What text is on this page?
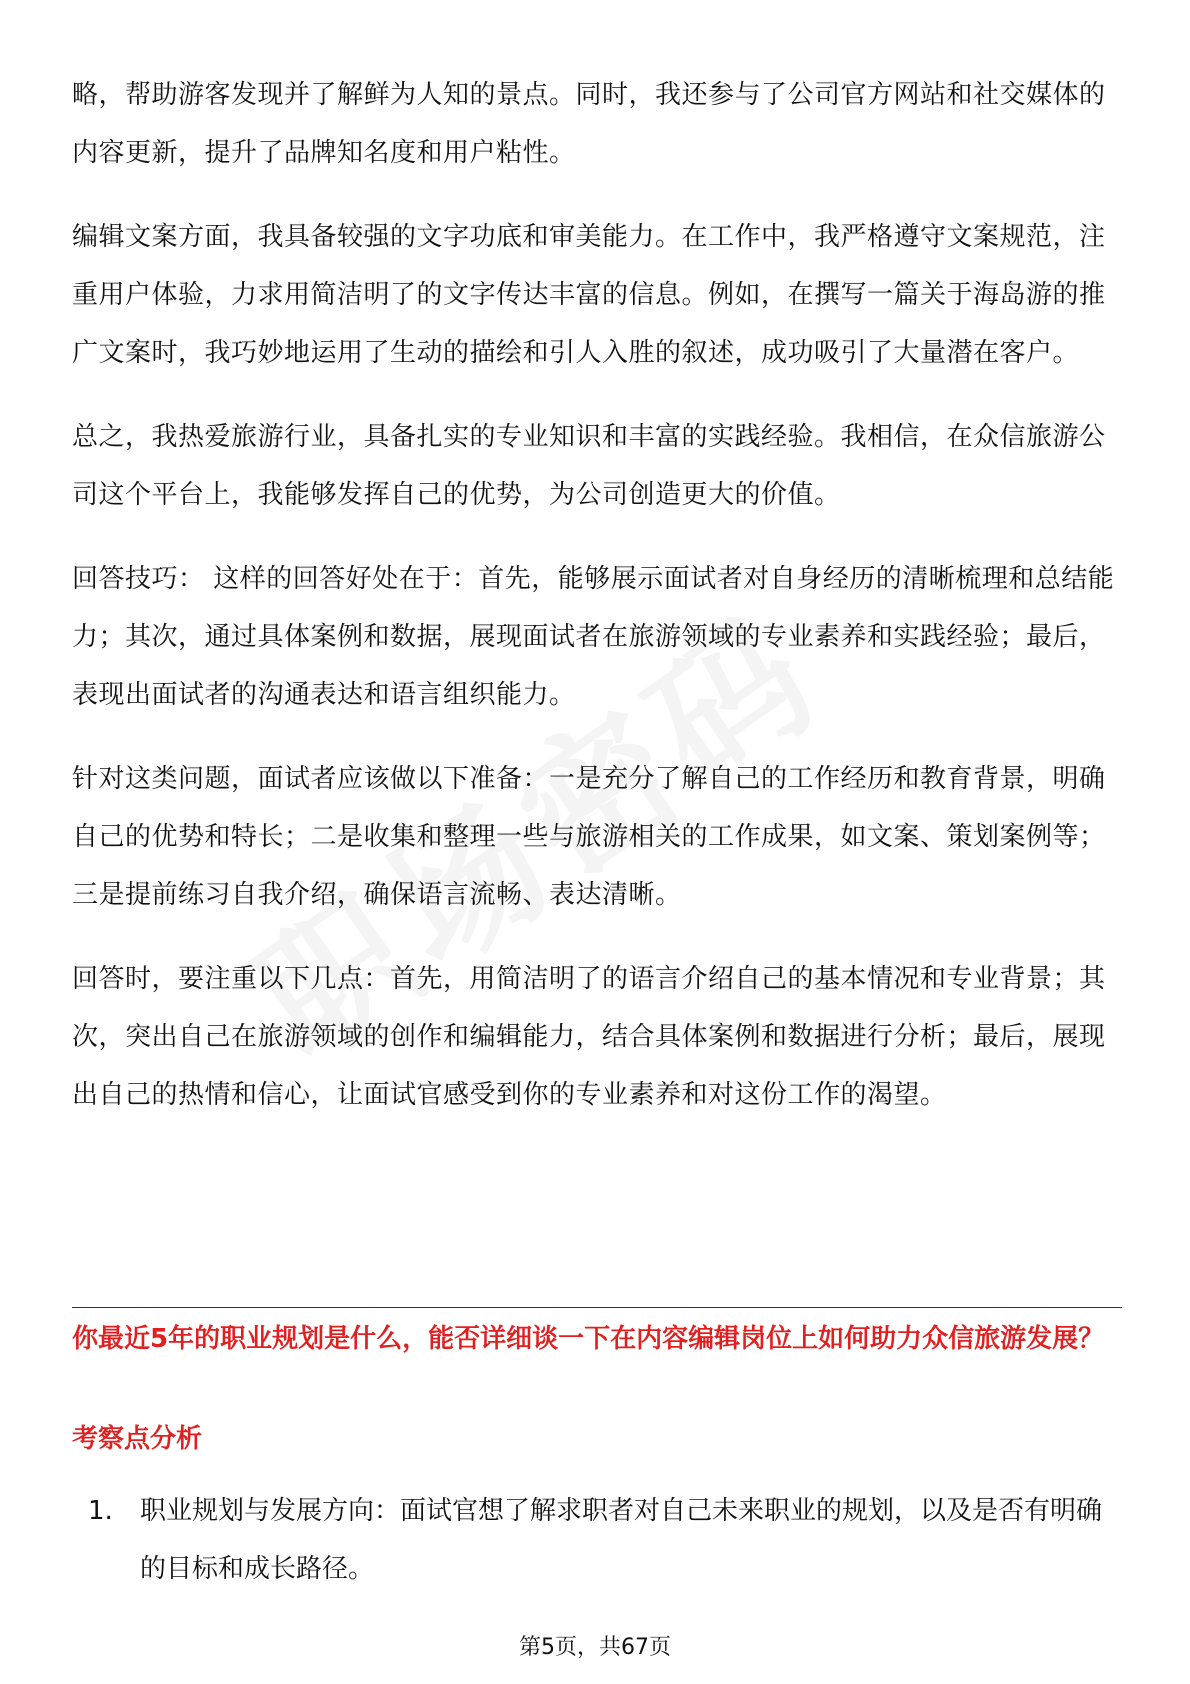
略，帮助游客发现并了解鲜为人知的景点。同时，我还参与了公司官方网站和社交媒体的内容更新，提升了品牌知名度和用户粘性。

编辑文案方面，我具备较强的文字功底和审美能力。在工作中，我严格遵守文案规范，注重用户体验，力求用简洁明了的文字传达丰富的信息。例如，在撰写一篇关于海岛游的推广文案时，我巧妙地运用了生动的描绘和引人入胜的叙述，成功吸引了大量潜在客户。

总之，我热爱旅游行业，具备扎实的专业知识和丰富的实践经验。我相信，在众信旅游公司这个平台上，我能够发挥自己的优势，为公司创造更大的价值。

回答技巧： 这样的回答好处在于：首先，能够展示面试者对自身经历的清晰梳理和总结能力；其次，通过具体案例和数据，展现面试者在旅游领域的专业素养和实践经验；最后，表现出面试者的沟通表达和语言组织能力。

针对这类问题，面试者应该做以下准备：一是充分了解自己的工作经历和教育背景，明确自己的优势和特长；二是收集和整理一些与旅游相关的工作成果，如文案、策划案例等；三是提前练习自我介绍，确保语言流畅、表达清晰。

回答时，要注重以下几点：首先，用简洁明了的语言介绍自己的基本情况和专业背景；其次，突出自己在旅游领域的创作和编辑能力，结合具体案例和数据进行分析；最后，展现出自己的热情和信心，让面试官感受到你的专业素养和对这份工作的渴望。

你最近5年的职业规划是什么，能否详细谈一下在内容编辑岗位上如何助力众信旅游发展？
考察点分析
1.	职业规划与发展方向：面试官想了解求职者对自己未来职业的规划，以及是否有明确的目标和成长路径。
第5页，共67页
